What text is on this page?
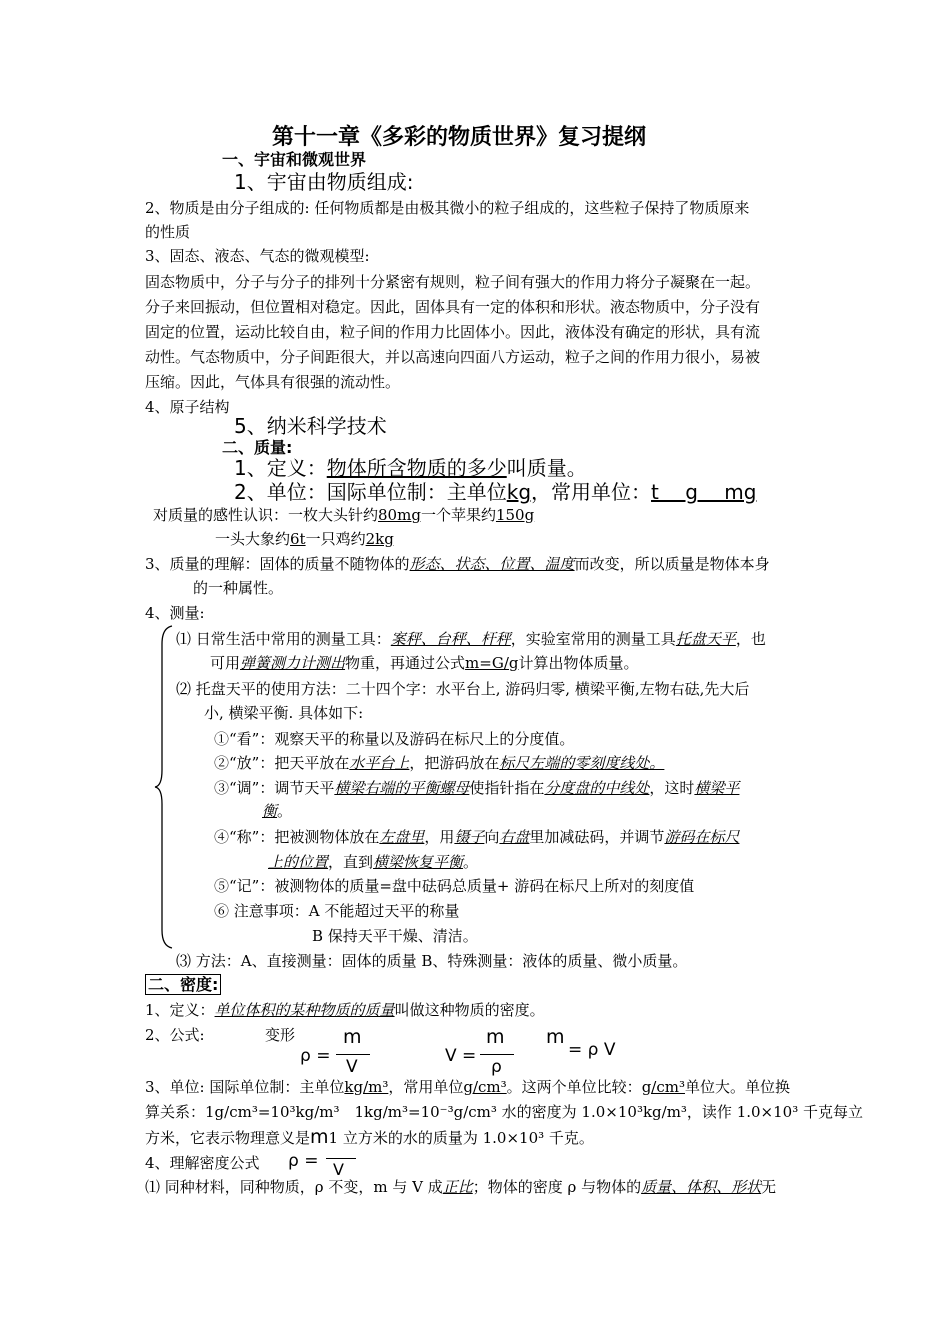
第十一章《多彩的物质世界》复习提纲
一、宇宙和微观世界
1、宇宙由物质组成:
2、物质是由分子组成的: 任何物质都是由极其微小的粒子组成的，这些粒子保持了物质原来
的性质
3、固态、液态、气态的微观模型:
固态物质中，分子与分子的排列十分紧密有规则，粒子间有强大的作用力将分子凝聚在一起。
分子来回振动，但位置相对稳定。因此，固体具有一定的体积和形状。液态物质中，分子没有
固定的位置，运动比较自由，粒子间的作用力比固体小。因此，液体没有确定的形状，具有流
动性。气态物质中，分子间距很大，并以高速向四面八方运动，粒子之间的作用力很小，易被
压缩。因此，气体具有很强的流动性。
4、原子结构
5、纳米科学技术
二、质量:
1、定义：物体所含物质的多少叫质量。
2、单位：国际单位制：主单位kg，常用单位：t　 g　 mg
对质量的感性认识：一枚大头针约80mg一个苹果约150g
一头大象约6t一只鸡约2kg
3、质量的理解：固体的质量不随物体的形态、状态、位置、温度而改变，所以质量是物体本身
的一种属性。
4、测量:
⑴ 日常生活中常用的测量工具：案秤、台秤、杆秤，实验室常用的测量工具托盘天平，也
可用弹簧测力计测出物重，再通过公式m=G/g计算出物体质量。
⑵ 托盘天平的使用方法：二十四个字：水平台上, 游码归零, 横梁平衡,左物右砝,先大后
小, 横梁平衡. 具体如下:
①“看”：观察天平的称量以及游码在标尺上的分度值。
②“放”：把天平放在水平台上，把游码放在标尺左端的零刻度线处。
③“调”：调节天平横梁右端的平衡螺母使指针指在分度盘的中线处，这时横梁平
衡。
④“称”：把被测物体放在左盘里，用镊子向右盘里加减砝码，并调节游码在标尺
上的位置，直到横梁恢复平衡。
⑤“记”：被测物体的质量=盘中砝码总质量+ 游码在标尺上所对的刻度值
⑥ 注意事项：A 不能超过天平的称量
B 保持天平干燥、清洁。
⑶ 方法：A、直接测量：固体的质量 B、特殊测量：液体的质量、微小质量。
二、密度:
1、定义：单位体积的某种物质的质量叫做这种物质的密度。
2、公式:	变形
ρ =
m
V
V =
m
ρ
m
= ρ V
3、单位: 国际单位制：主单位kg/m³，常用单位g/cm³。这两个单位比较：g/cm³单位大。单位换
算关系：1g/cm³=10³kg/m³　1kg/m³=10⁻³g/cm³ 水的密度为 1.0×10³kg/m³，读作 1.0×10³ 千克每立
方米，它表示物理意义是m1 立方米的水的质量为 1.0×10³ 千克。
4、理解密度公式 ρ = V
⑴ 同种材料，同种物质，ρ 不变，m 与 V 成正比；物体的密度 ρ 与物体的质量、体积、形状无
